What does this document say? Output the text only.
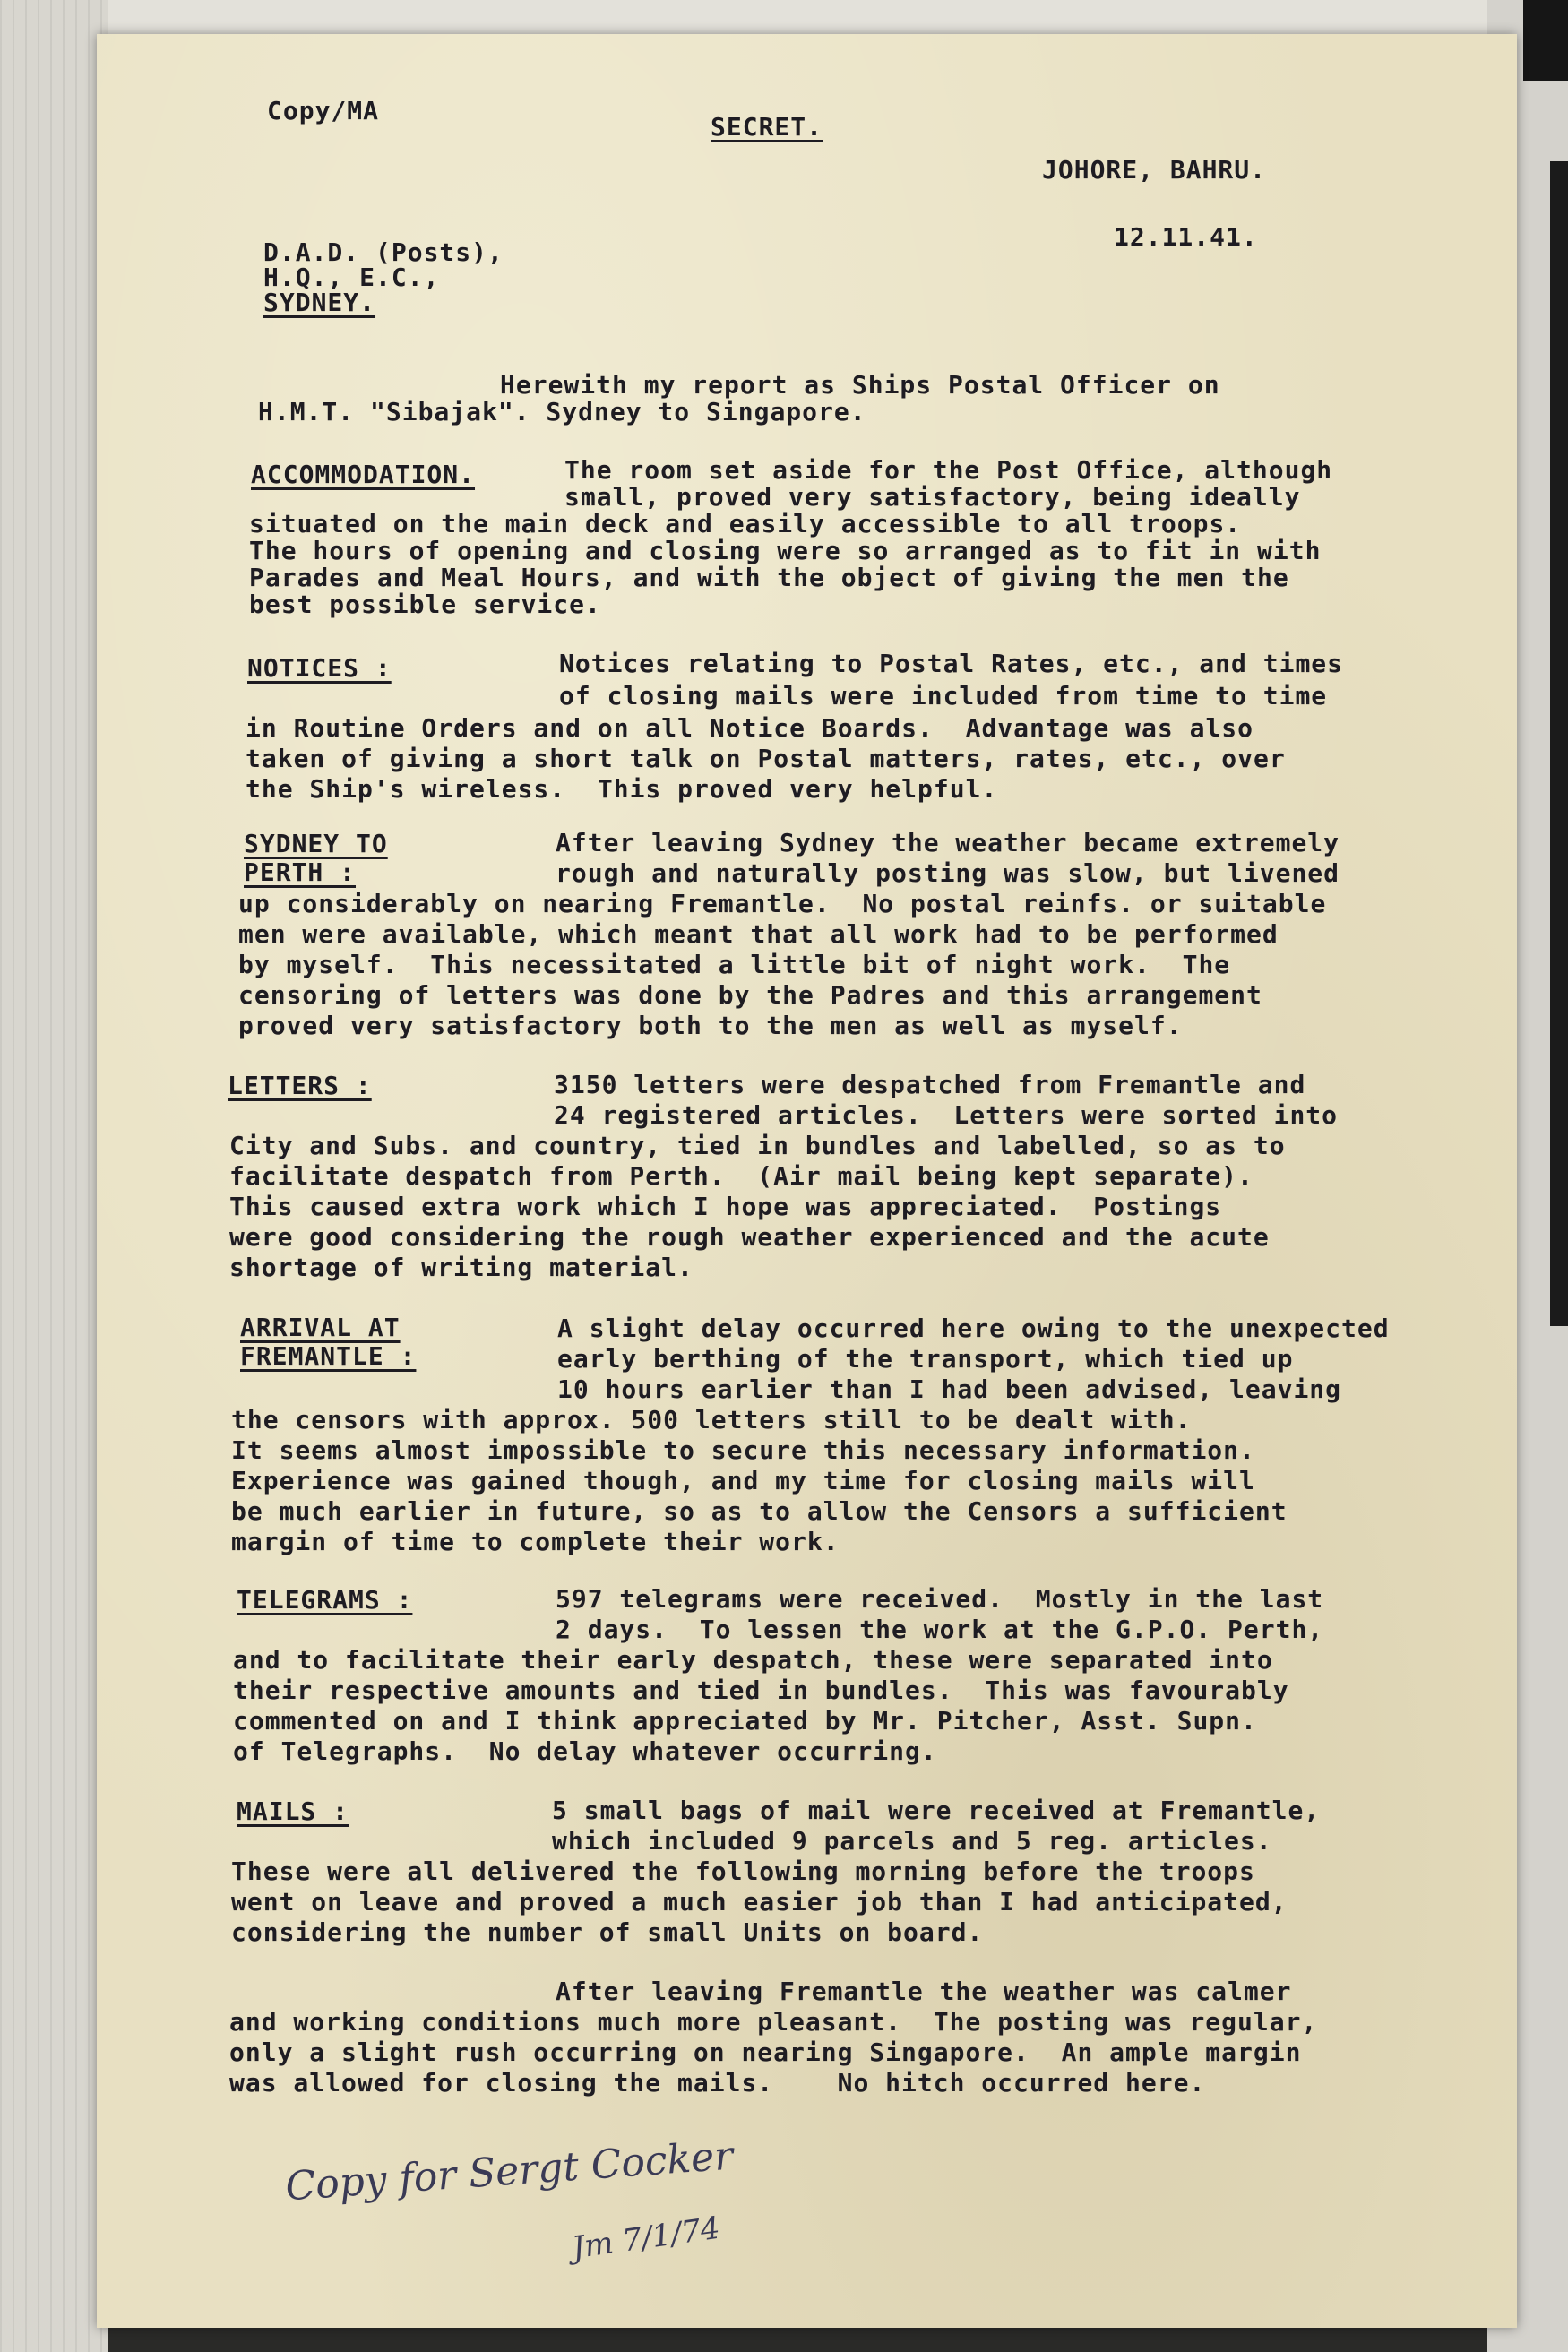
Copy/MA
SECRET.
JOHORE, BAHRU.
12.11.41.
D.A.D. (Posts),
H.Q., E.C.,
SYDNEY.
Herewith my report as Ships Postal Officer on
H.M.T. "Sibajak". Sydney to Singapore.
ACCOMMODATION.	The room set aside for the Post Office, although
small, proved very satisfactory, being ideally
situated on the main deck and easily accessible to all troops.
The hours of opening and closing were so arranged as to fit in with
Parades and Meal Hours, and with the object of giving the men the
best possible service.
NOTICES :	Notices relating to Postal Rates, etc., and times
of closing mails were included from time to time
in Routine Orders and on all Notice Boards.  Advantage was also
taken of giving a short talk on Postal matters, rates, etc., over
the Ship's wireless.  This proved very helpful.
SYDNEY TO
PERTH :
After leaving Sydney the weather became extremely
rough and naturally posting was slow, but livened
up considerably on nearing Fremantle.  No postal reinfs. or suitable
men were available, which meant that all work had to be performed
by myself.  This necessitated a little bit of night work.  The
censoring of letters was done by the Padres and this arrangement
proved very satisfactory both to the men as well as myself.
LETTERS :	3150 letters were despatched from Fremantle and
24 registered articles.  Letters were sorted into
City and Subs. and country, tied in bundles and labelled, so as to
facilitate despatch from Perth.  (Air mail being kept separate).
This caused extra work which I hope was appreciated.  Postings
were good considering the rough weather experienced and the acute
shortage of writing material.
ARRIVAL AT
FREMANTLE :
A slight delay occurred here owing to the unexpected
early berthing of the transport, which tied up
10 hours earlier than I had been advised, leaving
the censors with approx. 500 letters still to be dealt with.
It seems almost impossible to secure this necessary information.
Experience was gained though, and my time for closing mails will
be much earlier in future, so as to allow the Censors a sufficient
margin of time to complete their work.
TELEGRAMS :	597 telegrams were received.  Mostly in the last
2 days.  To lessen the work at the G.P.O. Perth,
and to facilitate their early despatch, these were separated into
their respective amounts and tied in bundles.  This was favourably
commented on and I think appreciated by Mr. Pitcher, Asst. Supn.
of Telegraphs.  No delay whatever occurring.
MAILS :	5 small bags of mail were received at Fremantle,
which included 9 parcels and 5 reg. articles.
These were all delivered the following morning before the troops
went on leave and proved a much easier job than I had anticipated,
considering the number of small Units on board.
After leaving Fremantle the weather was calmer
and working conditions much more pleasant.  The posting was regular,
only a slight rush occurring on nearing Singapore.  An ample margin
was allowed for closing the mails.    No hitch occurred here.
Copy for Sergt Cocker
Jm 7/1/74
